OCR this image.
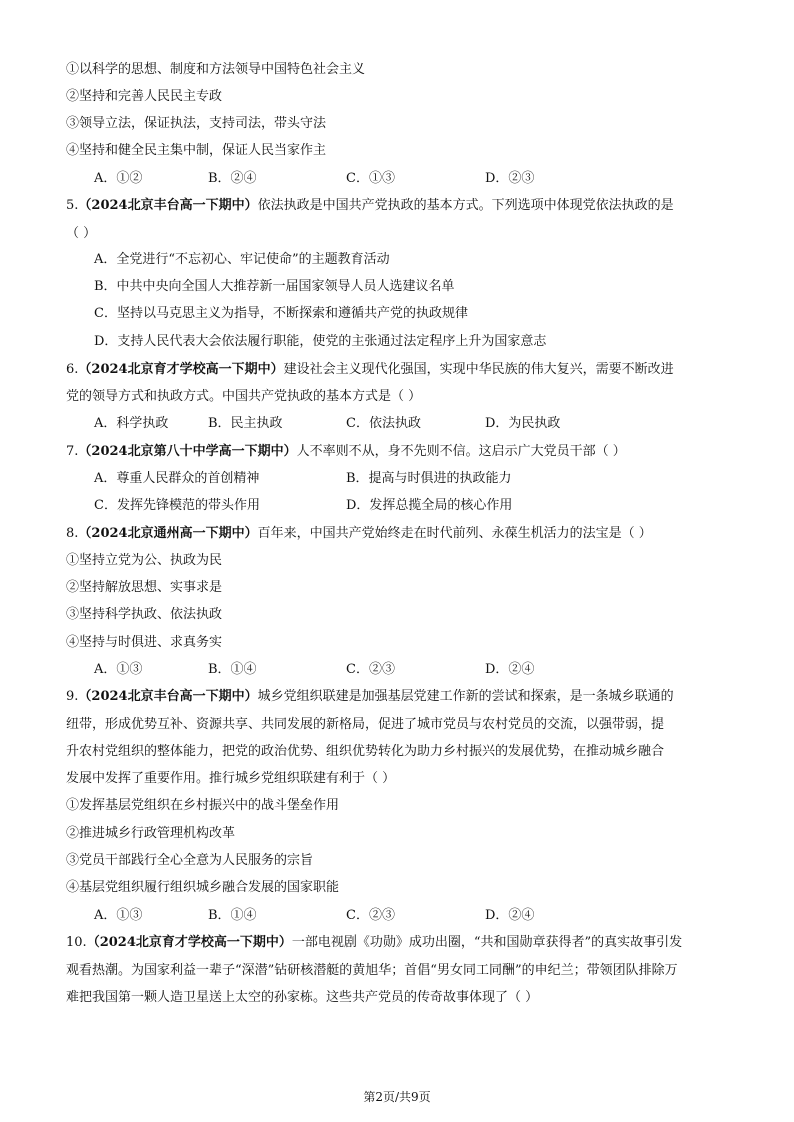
①以科学的思想、制度和方法领导中国特色社会主义
②坚持和完善人民民主专政
③领导立法，保证执法，支持司法，带头守法
④坚持和健全民主集中制，保证人民当家作主
A．①②	B．②④	C．①③	D．②③
5.（2024北京丰台高一下期中）依法执政是中国共产党执政的基本方式。下列选项中体现党依法执政的是
（ ）
A．全党进行“不忘初心、牢记使命”的主题教育活动
B．中共中央向全国人大推荐新一届国家领导人员人选建议名单
C．坚持以马克思主义为指导，不断探索和遵循共产党的执政规律
D．支持人民代表大会依法履行职能，使党的主张通过法定程序上升为国家意志
6.（2024北京育才学校高一下期中）建设社会主义现代化强国，实现中华民族的伟大复兴，需要不断改进
党的领导方式和执政方式。中国共产党执政的基本方式是（ ）
A．科学执政	B．民主执政	C．依法执政	D．为民执政
7.（2024北京第八十中学高一下期中）人不率则不从，身不先则不信。这启示广大党员干部（ ）
A．尊重人民群众的首创精神	B．提高与时俱进的执政能力
C．发挥先锋模范的带头作用	D．发挥总揽全局的核心作用
8.（2024北京通州高一下期中）百年来，中国共产党始终走在时代前列、永葆生机活力的法宝是（ ）
①坚持立党为公、执政为民
②坚持解放思想、实事求是
③坚持科学执政、依法执政
④坚持与时俱进、求真务实
A．①③	B．①④	C．②③	D．②④
9.（2024北京丰台高一下期中）城乡党组织联建是加强基层党建工作新的尝试和探索，是一条城乡联通的
纽带，形成优势互补、资源共享、共同发展的新格局，促进了城市党员与农村党员的交流，以强带弱，提
升农村党组织的整体能力，把党的政治优势、组织优势转化为助力乡村振兴的发展优势，在推动城乡融合
发展中发挥了重要作用。推行城乡党组织联建有利于（ ）
①发挥基层党组织在乡村振兴中的战斗堡垒作用
②推进城乡行政管理机构改革
③党员干部践行全心全意为人民服务的宗旨
④基层党组织履行组织城乡融合发展的国家职能
A．①③	B．①④	C．②③	D．②④
10.（2024北京育才学校高一下期中）一部电视剧《功勋》成功出圈，“共和国勋章获得者”的真实故事引发
观看热潮。为国家利益一辈子“深潜”钻研核潜艇的黄旭华；首倡“男女同工同酬”的申纪兰；带领团队排除万
难把我国第一颗人造卫星送上太空的孙家栋。这些共产党员的传奇故事体现了（ ）
第2页/共9页
